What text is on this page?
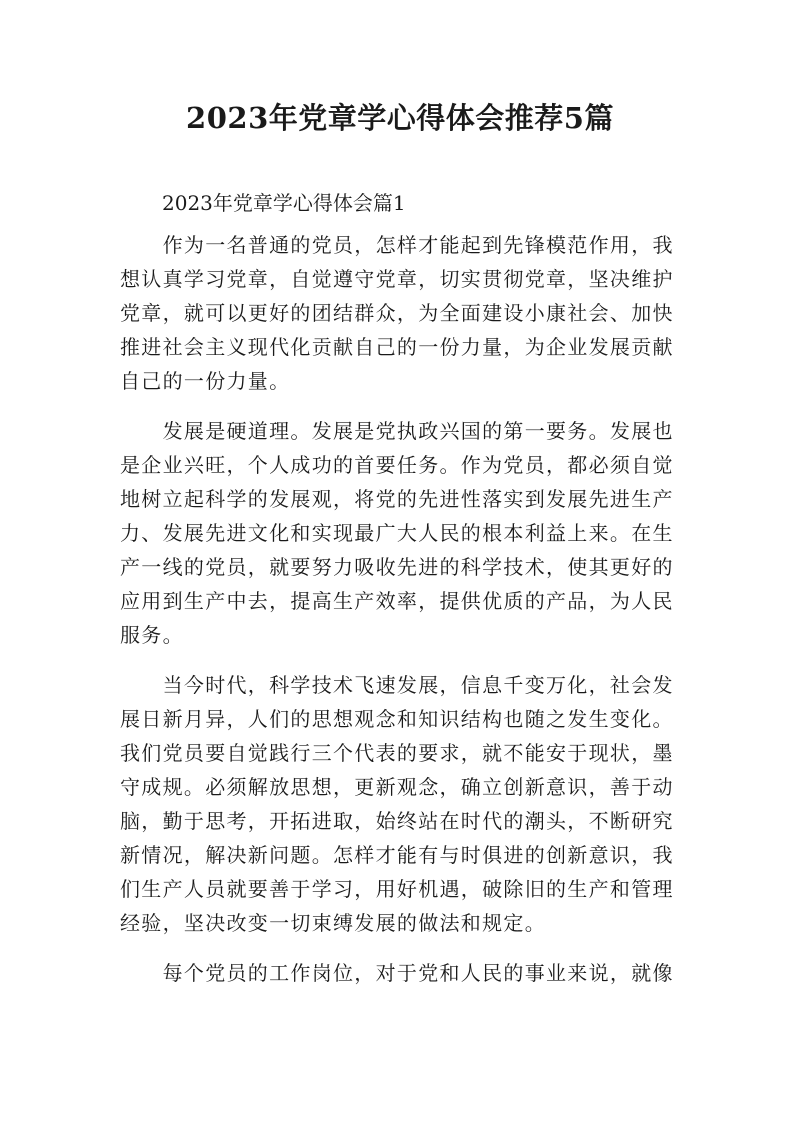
2023年党章学心得体会推荐5篇

2023年党章学心得体会篇1

　　作为一名普通的党员，怎样才能起到先锋模范作用，我
想认真学习党章，自觉遵守党章，切实贯彻党章，坚决维护
党章，就可以更好的团结群众，为全面建设小康社会、加快
推进社会主义现代化贡献自己的一份力量，为企业发展贡献
自己的一份力量。
　　发展是硬道理。发展是党执政兴国的第一要务。发展也
是企业兴旺，个人成功的首要任务。作为党员，都必须自觉
地树立起科学的发展观，将党的先进性落实到发展先进生产
力、发展先进文化和实现最广大人民的根本利益上来。在生
产一线的党员，就要努力吸收先进的科学技术，使其更好的
应用到生产中去，提高生产效率，提供优质的产品，为人民
服务。
　　当今时代，科学技术飞速发展，信息千变万化，社会发
展日新月异，人们的思想观念和知识结构也随之发生变化。
我们党员要自觉践行三个代表的要求，就不能安于现状，墨
守成规。必须解放思想，更新观念，确立创新意识，善于动
脑，勤于思考，开拓进取，始终站在时代的潮头，不断研究
新情况，解决新问题。怎样才能有与时俱进的创新意识，我
们生产人员就要善于学习，用好机遇，破除旧的生产和管理
经验，坚决改变一切束缚发展的做法和规定。
　　每个党员的工作岗位，对于党和人民的事业来说，就像
